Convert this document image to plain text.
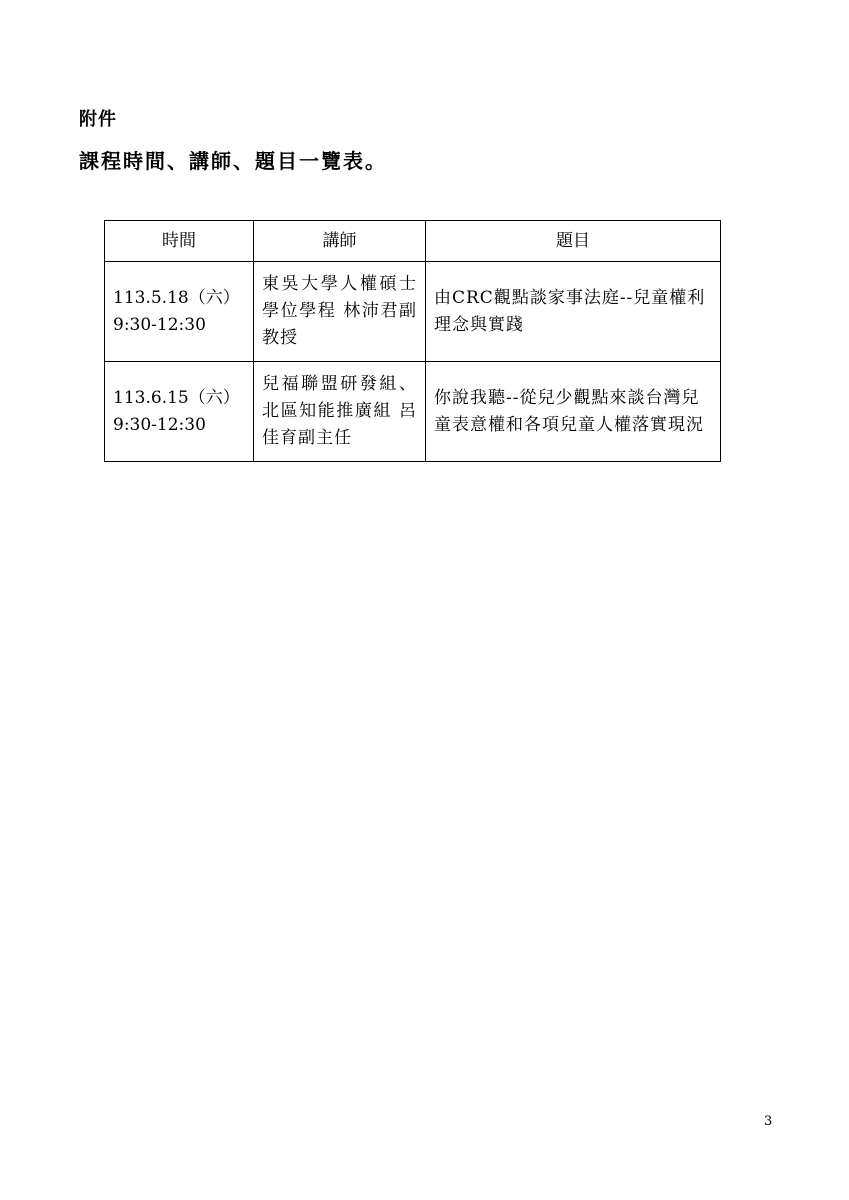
附件
課程時間、講師、題目一覽表。
時間	講師	題目

113.5.18（六）
9:30-12:30	東吳大學人權碩士學位學程 林沛君副教授	由CRC觀點談家事法庭--兒童權利理念與實踐

113.6.15（六）
9:30-12:30	兒福聯盟研發組、北區知能推廣組 呂佳育副主任	你說我聽--從兒少觀點來談台灣兒童表意權和各項兒童人權落實現況
3
